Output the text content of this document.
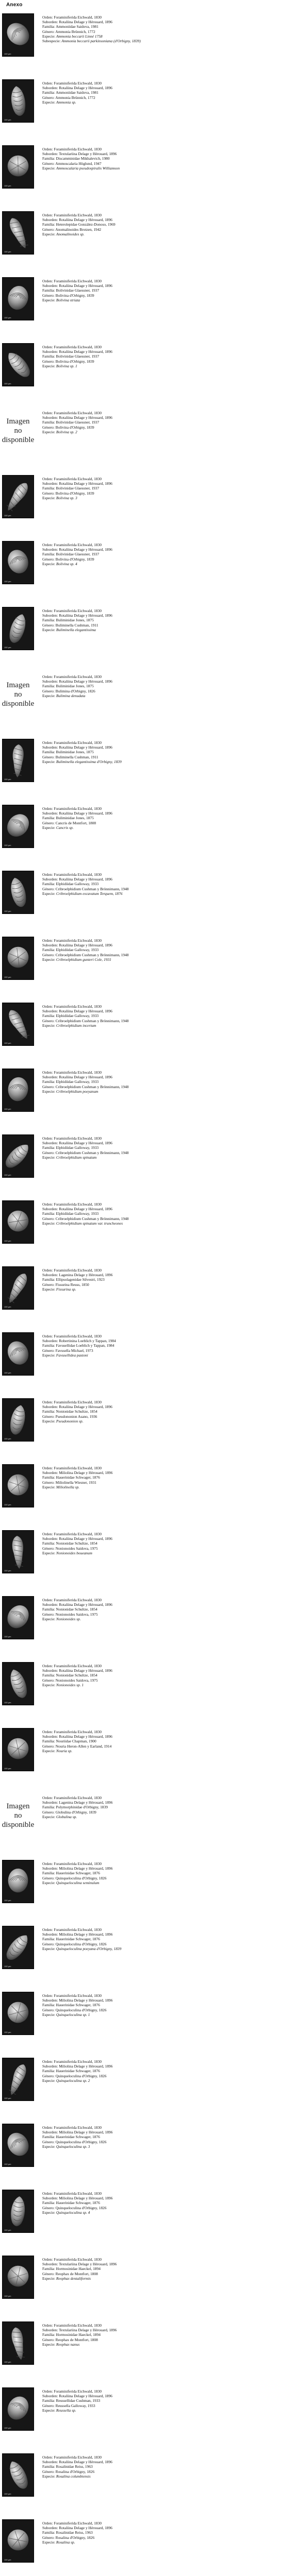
Anexo
100 µm
Orden: Foraminiferida Eichwald, 1830
Suborden: Rotaliina Delage y Hérouard, 1896
Familia: Ammoniidae Saidova, 1981
Género: Ammonia Brünnich, 1772
Especie: Ammonia beccarii Linné 1758
Subespecie: Ammonia beccarii parkinsoniana (d'Orbigny, 1839)
100 µm
Orden: Foraminiferida Eichwald, 1830
Suborden: Rotaliina Delage y Hérouard, 1896
Familia: Ammoniidae Saidova, 1981
Género: Ammonia Brünnich, 1772
Especie: Ammonia sp.
100 µm
Orden: Foraminiferida Eichwald, 1830
Suborden: Textulariina Delage y Hérouard, 1896
Familia: Discamminidae Mikhalevich, 1980
Género: Ammoscalaria Höglund, 1947
Especie: Ammoscalaria pseudospiralis Williamson
100 µm
Orden: Foraminiferida Eichwald, 1830
Suborden: Rotaliina Delage y Hérouard, 1896
Familia: Heterolepidae González-Donoso, 1969
Género: Anomalinoides Brotzen, 1942
Especie: Anomalinoides sp.
100 µm
Orden: Foraminiferida Eichwald, 1830
Suborden: Rotaliina Delage y Hérouard, 1896
Familia: Bolivinidae Glaessner, 1937
Género: Bolivina d'Orbigny, 1839
Especie: Bolivina striata
100 µm
Orden: Foraminiferida Eichwald, 1830
Suborden: Rotaliina Delage y Hérouard, 1896
Familia: Bolivinidae Glaessner, 1937
Género: Bolivina d'Orbigny, 1839
Especie: Bolivina sp. 1
Imagen no disponible
Orden: Foraminiferida Eichwald, 1830
Suborden: Rotaliina Delage y Hérouard, 1896
Familia: Bolivinidae Glaessner, 1937
Género: Bolivina d'Orbigny, 1839
Especie: Bolivina sp. 2
100 µm
Orden: Foraminiferida Eichwald, 1830
Suborden: Rotaliina Delage y Hérouard, 1896
Familia: Bolivinidae Glaessner, 1937
Género: Bolivina d'Orbigny, 1839
Especie: Bolivina sp. 3
100 µm
Orden: Foraminiferida Eichwald, 1830
Suborden: Rotaliina Delage y Hérouard, 1896
Familia: Bolivinidae Glaessner, 1937
Género: Bolivina d'Orbigny, 1839
Especie: Bolivina sp. 4
100 µm
Orden: Foraminiferida Eichwald, 1830
Suborden: Rotaliina Delage y Hérouard, 1896
Familia: Buliminidae Jones, 1875
Género: Buliminella Cushman, 1911
Especie: Buliminella elegantissima
Imagen no disponible
Orden: Foraminiferida Eichwald, 1830
Suborden: Rotaliina Delage y Hérouard, 1896
Familia: Buliminidae Jones, 1875
Género: Bulimina d'Orbigny, 1826
Especie: Bulimina denudata
100 µm
Orden: Foraminiferida Eichwald, 1830
Suborden: Rotaliina Delage y Hérouard, 1896
Familia: Buliminidae Jones, 1875
Género: Buliminella Cushman, 1911
Especie: Buliminella elegantissima d'Orbigny, 1839
100 µm
Orden: Foraminiferida Eichwald, 1830
Suborden: Rotaliina Delage y Hérouard, 1896
Familia: Buliminidae Jones, 1875
Género: Cancris de Montfort, 1808
Especie: Cancris sp.
100 µm
Orden: Foraminiferida Eichwald, 1830
Suborden: Rotaliina Delage y Hérouard, 1896
Familia: Elphidiidae Galloway, 1933
Género: Cribroelphidium Cushman y Brönnimann, 1948
Especie: Cribroelphidium excavatum Terquem, 1876
100 µm
Orden: Foraminiferida Eichwald, 1830
Suborden: Rotaliina Delage y Hérouard, 1896
Familia: Elphidiidae Galloway, 1933
Género: Cribroelphidium Cushman y Brönnimann, 1948
Especie: Cribroelphidium gunteri Cole, 1931
100 µm
Orden: Foraminiferida Eichwald, 1830
Suborden: Rotaliina Delage y Hérouard, 1896
Familia: Elphidiidae Galloway, 1933
Género: Cribroelphidium Cushman y Brönnimann, 1948
Especie: Cribroelphidium incertum
100 µm
Orden: Foraminiferida Eichwald, 1830
Suborden: Rotaliina Delage y Hérouard, 1896
Familia: Elphidiidae Galloway, 1933
Género: Cribroelphidium Cushman y Brönnimann, 1948
Especie: Cribroelphidium poeyanum
100 µm
Orden: Foraminiferida Eichwald, 1830
Suborden: Rotaliina Delage y Hérouard, 1896
Familia: Elphidiidae Galloway, 1933
Género: Cribroelphidium Cushman y Brönnimann, 1948
Especie: Cribroelphidium spinatum
100 µm
Orden: Foraminiferida Eichwald, 1830
Suborden: Rotaliina Delage y Hérouard, 1896
Familia: Elphidiidae Galloway, 1933
Género: Cribroelphidium Cushman y Brönnimann, 1948
Especie: Cribroelphidium spinatum var. truncheones
100 µm
Orden: Foraminiferida Eichwald, 1830
Suborden: Lagenina Delage y Hérouard, 1896
Familia: Ellipsolagenidae Silvestri, 1923
Género: Fissurina Reuss, 1850
Especie: Fissurina sp.
100 µm
Orden: Foraminiferida Eichwald, 1830
Suborden: Robertinina Loeblich y Tappan, 1984
Familia: Favusellidae Loeblich y Tappan, 1984
Género: Favusella Michael, 1973
Especie: Favusellidea pastoni
100 µm
Orden: Foraminiferida Eichwald, 1830
Suborden: Rotaliina Delage y Hérouard, 1896
Familia: Nonionidae Schultze, 1854
Género: Pseudononion Asano, 1936
Especie: Pseudononion sp.
100 µm
Orden: Foraminiferida Eichwald, 1830
Suborden: Miliolina Delage y Hérouard, 1896
Familia: Hauerinidae Schwager, 1876
Género: Miliolinella Wiesner, 1931
Especie: Miliolinella sp.
100 µm
Orden: Foraminiferida Eichwald, 1830
Suborden: Rotaliina Delage y Hérouard, 1896
Familia: Nonionidae Schultze, 1854
Género: Nonionoides Saidova, 1975
Especie: Nonionoides boueanum
100 µm
Orden: Foraminiferida Eichwald, 1830
Suborden: Rotaliina Delage y Hérouard, 1896
Familia: Nonionidae Schultze, 1854
Género: Nonionoides Saidova, 1975
Especie: Nonionoides sp.
100 µm
Orden: Foraminiferida Eichwald, 1830
Suborden: Rotaliina Delage y Hérouard, 1896
Familia: Nonionidae Schultze, 1854
Género: Nonionoides Saidova, 1975
Especie: Nonionoides sp. 1
100 µm
Orden: Foraminiferida Eichwald, 1830
Suborden: Rotaliina Delage y Hérouard, 1896
Familia: Nouriidae Chapman, 1900
Género: Nouria Heron-Allen y Earland, 1914
Especie: Nouria sp.
Imagen no disponible
Orden: Foraminiferida Eichwald, 1830
Suborden: Lagenina Delage y Hérouard, 1896
Familia: Polymorphinidae d'Orbigny, 1839
Género: Globulina d'Orbigny, 1839
Especie: Globulina sp.
100 µm
Orden: Foraminiferida Eichwald, 1830
Suborden: Miliolina Delage y Hérouard, 1896
Familia: Hauerinidae Schwager, 1876
Género: Quinqueloculina d'Orbigny, 1826
Especie: Quinqueloculina seminulum
100 µm
Orden: Foraminiferida Eichwald, 1830
Suborden: Miliolina Delage y Hérouard, 1896
Familia: Hauerinidae Schwager, 1876
Género: Quinqueloculina d'Orbigny, 1826
Especie: Quinqueloculina poeyana d'Orbigny, 1839
100 µm
Orden: Foraminiferida Eichwald, 1830
Suborden: Miliolina Delage y Hérouard, 1896
Familia: Hauerinidae Schwager, 1876
Género: Quinqueloculina d'Orbigny, 1826
Especie: Quinqueloculina sp. 1
100 µm
Orden: Foraminiferida Eichwald, 1830
Suborden: Miliolina Delage y Hérouard, 1896
Familia: Hauerinidae Schwager, 1876
Género: Quinqueloculina d'Orbigny, 1826
Especie: Quinqueloculina sp. 2
100 µm
Orden: Foraminiferida Eichwald, 1830
Suborden: Miliolina Delage y Hérouard, 1896
Familia: Hauerinidae Schwager, 1876
Género: Quinqueloculina d'Orbigny, 1826
Especie: Quinqueloculina sp. 3
100 µm
Orden: Foraminiferida Eichwald, 1830
Suborden: Miliolina Delage y Hérouard, 1896
Familia: Hauerinidae Schwager, 1876
Género: Quinqueloculina d'Orbigny, 1826
Especie: Quinqueloculina sp. 4
100 µm
Orden: Foraminiferida Eichwald, 1830
Suborden: Textulariina Delage y Hérouard, 1896
Familia: Hormosinidae Haeckel, 1894
Género: Reophax de Montfort, 1808
Especie: Reophax dentaliformis
100 µm
Orden: Foraminiferida Eichwald, 1830
Suborden: Textulariina Delage y Hérouard, 1896
Familia: Hormosinidae Haeckel, 1894
Género: Reophax de Montfort, 1808
Especie: Reophax nanus
100 µm
Orden: Foraminiferida Eichwald, 1830
Suborden: Rotaliina Delage y Hérouard, 1896
Familia: Reussellidae Cushman, 1933
Género: Reussella Galloway, 1933
Especie: Reussella sp.
100 µm
Orden: Foraminiferida Eichwald, 1830
Suborden: Rotaliina Delage y Hérouard, 1896
Familia: Rosalinidae Reiss, 1963
Género: Rosalina d'Orbigny, 1826
Especie: Rosalina columbiensis
100 µm
Orden: Foraminiferida Eichwald, 1830
Suborden: Rotaliina Delage y Hérouard, 1896
Familia: Rosalinidae Reiss, 1963
Género: Rosalina d'Orbigny, 1826
Especie: Rosalina sp.
